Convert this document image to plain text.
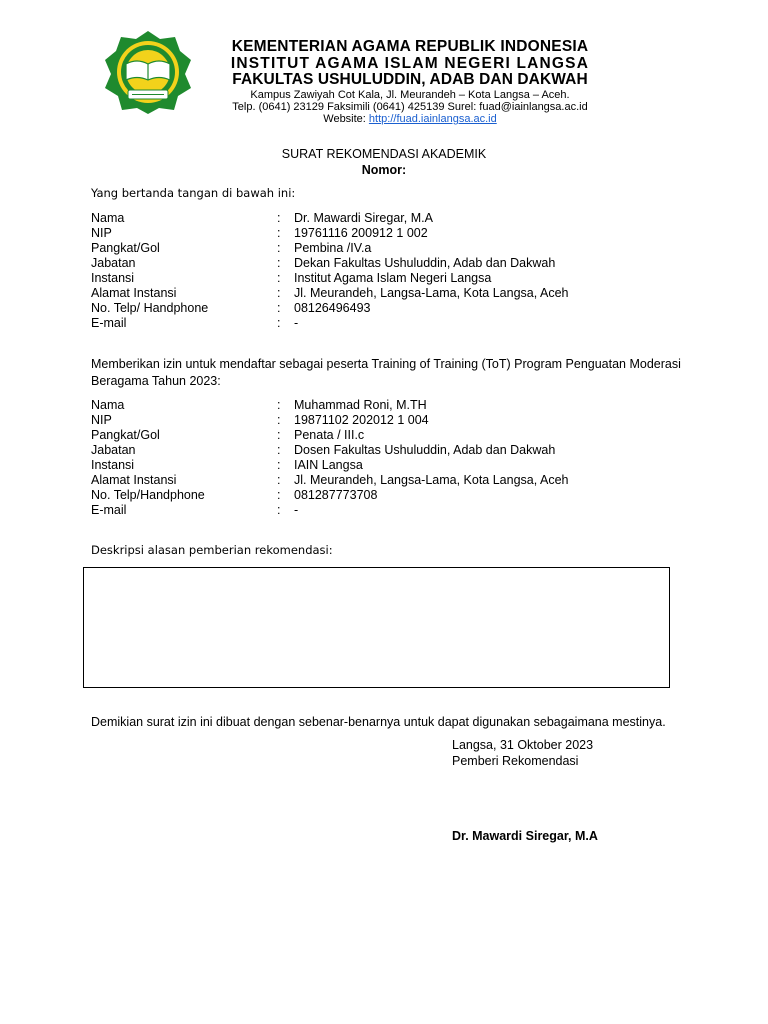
KEMENTERIAN AGAMA REPUBLIK INDONESIA
INSTITUT AGAMA ISLAM NEGERI LANGSA
FAKULTAS USHULUDDIN, ADAB DAN DAKWAH
Kampus Zawiyah Cot Kala, Jl. Meurandeh – Kota Langsa – Aceh.
Telp. (0641) 23129 Faksimili (0641) 425139 Surel: fuad@iainlangsa.ac.id
Website: http://fuad.iainlangsa.ac.id
SURAT REKOMENDASI AKADEMIK
Nomor:
Yang bertanda tangan di bawah ini:
Nama	: Dr. Mawardi Siregar, M.A
NIP	: 19761116 200912 1 002
Pangkat/Gol	: Pembina /IV.a
Jabatan	: Dekan Fakultas Ushuluddin, Adab dan Dakwah
Instansi	: Institut Agama Islam Negeri Langsa
Alamat Instansi	: Jl. Meurandeh, Langsa-Lama, Kota Langsa, Aceh
No. Telp/ Handphone	: 08126496493
E-mail	: -
Memberikan izin untuk mendaftar sebagai peserta Training of Training (ToT) Program Penguatan Moderasi Beragama Tahun 2023:
Nama	: Muhammad Roni, M.TH
NIP	: 19871102 202012 1 004
Pangkat/Gol	: Penata / III.c
Jabatan	: Dosen Fakultas Ushuluddin, Adab dan Dakwah
Instansi	: IAIN Langsa
Alamat Instansi	: Jl. Meurandeh, Langsa-Lama, Kota Langsa, Aceh
No. Telp/Handphone	: 081287773708
E-mail	: -
Deskripsi alasan pemberian rekomendasi:
Demikian surat izin ini dibuat dengan sebenar-benarnya untuk dapat digunakan sebagaimana mestinya.
Langsa, 31 Oktober 2023
Pemberi Rekomendasi
Dr. Mawardi Siregar, M.A
